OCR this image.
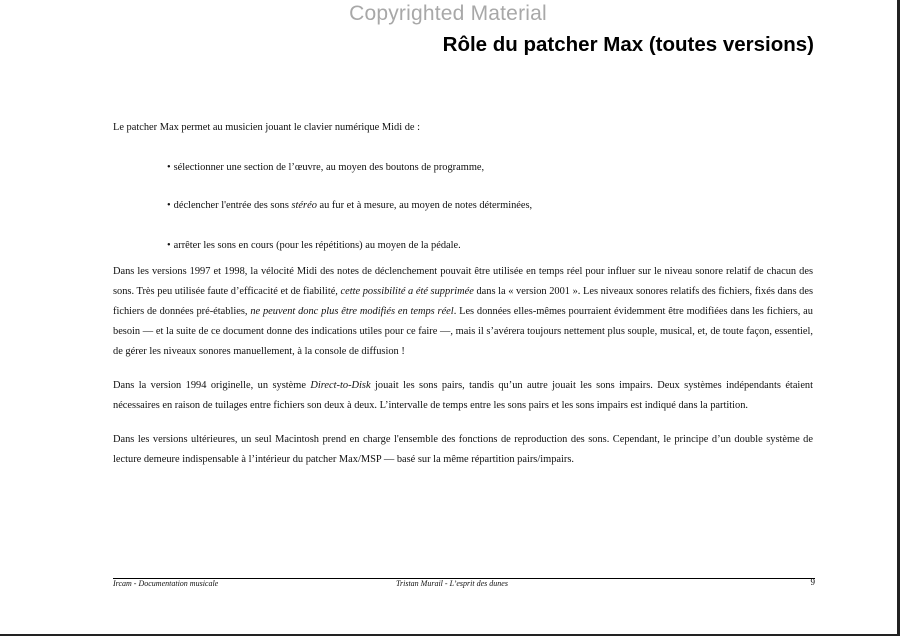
Copyrighted Material
Rôle du patcher Max (toutes versions)

Le patcher Max permet au musicien jouant le clavier numérique Midi de :

• sélectionner une section de l’œuvre, au moyen des boutons de programme,
• déclencher l'entrée des sons stéréo au fur et à mesure, au moyen de notes déterminées,
• arrêter les sons en cours (pour les répétitions) au moyen de la pédale.

Dans les versions 1997 et 1998, la vélocité Midi des notes de déclenchement pouvait être utilisée en temps réel pour influer sur le niveau sonore relatif de chacun des sons. Très peu utilisée faute d’efficacité et de fiabilité, cette possibilité a été supprimée dans la « version 2001 ». Les niveaux sonores relatifs des fichiers, fixés dans des fichiers de données pré-établies, ne peuvent donc plus être modifiés en temps réel. Les données elles-mêmes pourraient évidemment être modifiées dans les fichiers, au besoin — et la suite de ce document donne des indications utiles pour ce faire —, mais il s’avérera toujours nettement plus souple, musical, et, de toute façon, essentiel, de gérer les niveaux sonores manuellement, à la console de diffusion !

Dans la version 1994 originelle, un système Direct-to-Disk jouait les sons pairs, tandis qu’un autre jouait les sons impairs. Deux systèmes indépendants étaient nécessaires en raison de tuilages entre fichiers son deux à deux. L’intervalle de temps entre les sons pairs et les sons impairs est indiqué dans la partition.

Dans les versions ultérieures, un seul Macintosh prend en charge l'ensemble des fonctions de reproduction des sons. Cependant, le principe d’un double système de lecture demeure indispensable à l’intérieur du patcher Max/MSP — basé sur la même répartition pairs/impairs.

Ircam - Documentation musicale	Tristan Murail - L’esprit des dunes	9
